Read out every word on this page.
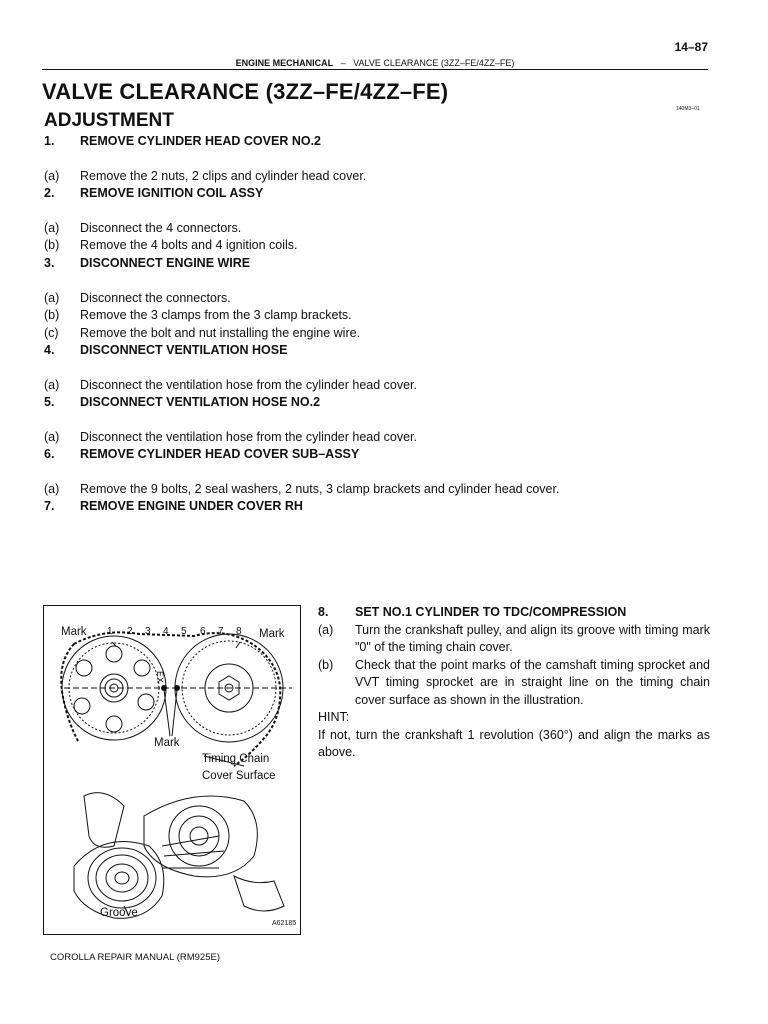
14–87
ENGINE MECHANICAL – VALVE CLEARANCE (3ZZ–FE/4ZZ–FE)
VALVE CLEARANCE (3ZZ–FE/4ZZ–FE)
ADJUSTMENT
140M3–01
1. REMOVE CYLINDER HEAD COVER NO.2
(a) Remove the 2 nuts, 2 clips and cylinder head cover.
2. REMOVE IGNITION COIL ASSY
(a) Disconnect the 4 connectors.
(b) Remove the 4 bolts and 4 ignition coils.
3. DISCONNECT ENGINE WIRE
(a) Disconnect the connectors.
(b) Remove the 3 clamps from the 3 clamp brackets.
(c) Remove the bolt and nut installing the engine wire.
4. DISCONNECT VENTILATION HOSE
(a) Disconnect the ventilation hose from the cylinder head cover.
5. DISCONNECT VENTILATION HOSE NO.2
(a) Disconnect the ventilation hose from the cylinder head cover.
6. REMOVE CYLINDER HEAD COVER SUB–ASSY
(a) Remove the 9 bolts, 2 seal washers, 2 nuts, 3 clamp brackets and cylinder head cover.
7. REMOVE ENGINE UNDER COVER RH
Mark	Mark
Mark
1 2 3 4 5 6 7 8
EX
Timing Chain
Cover Surface
Groove
A62185
8. SET NO.1 CYLINDER TO TDC/COMPRESSION
(a) Turn the crankshaft pulley, and align its groove with timing mark "0" of the timing chain cover.
(b) Check that the point marks of the camshaft timing sprocket and VVT timing sprocket are in straight line on the timing chain cover surface as shown in the illustration.
HINT:
If not, turn the crankshaft 1 revolution (360°) and align the marks as above.
COROLLA REPAIR MANUAL (RM925E)
